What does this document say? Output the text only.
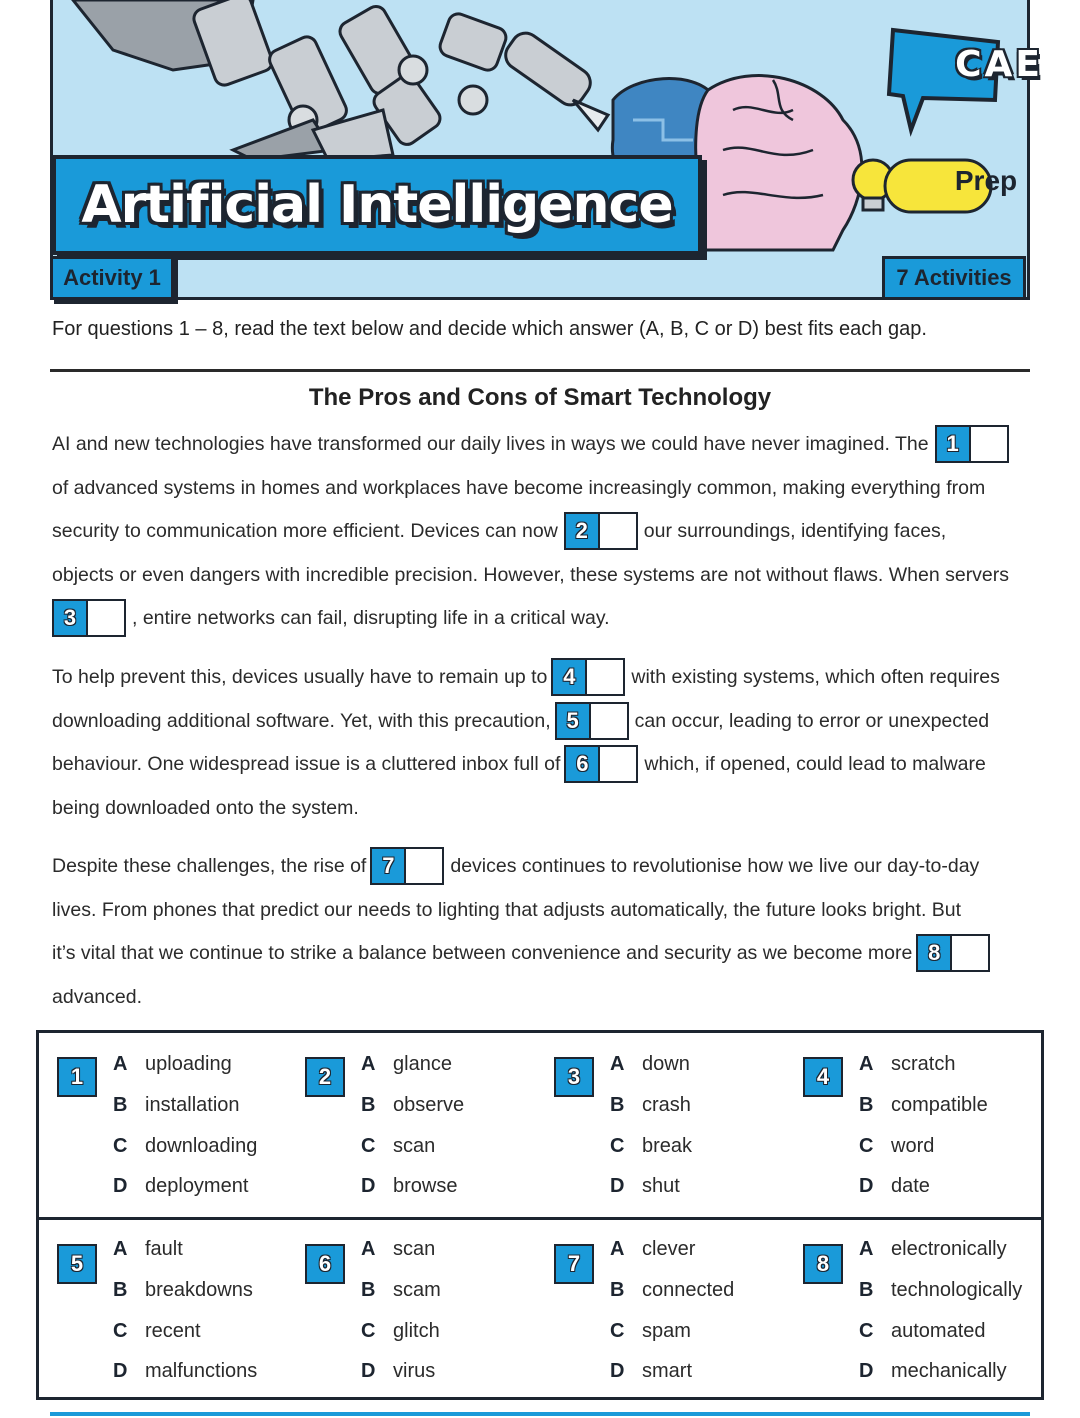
CAE
Prep
Artificial Intelligence
Activity 1	7 Activities
For questions 1 – 8, read the text below and decide which answer (A, B, C or D) best fits each gap.
The Pros and Cons of Smart Technology
AI and new technologies have transformed our daily lives in ways we could have never imagined. The 1
of advanced systems in homes and workplaces have become increasingly common, making everything from
security to communication more efficient. Devices can now 2	our surroundings, identifying faces,
objects or even dangers with incredible precision. However, these systems are not without flaws. When servers
3	, entire networks can fail, disrupting life in a critical way.
To help prevent this, devices usually have to remain up to 4	with existing systems, which often requires
downloading additional software. Yet, with this precaution, 5	can occur, leading to error or unexpected
behaviour. One widespread issue is a cluttered inbox full of 6	which, if opened, could lead to malware
being downloaded onto the system.
Despite these challenges, the rise of 7	devices continues to revolutionise how we live our day-to-day
lives. From phones that predict our needs to lighting that adjusts automatically, the future looks bright. But
it’s vital that we continue to strike a balance between convenience and security as we become more 8
advanced.
1
A uploading
B installation
C downloading
D deployment
2
A glance
B observe
C scan
D browse
3
A down
B crash
C break
D shut
4
A scratch
B compatible
C word
D date
5
A fault
B breakdowns
C recent
D malfunctions
6
A scan
B scam
C glitch
D virus
7
A clever
B connected
C spam
D smart
8
A electronically
B technologically
C automated
D mechanically
